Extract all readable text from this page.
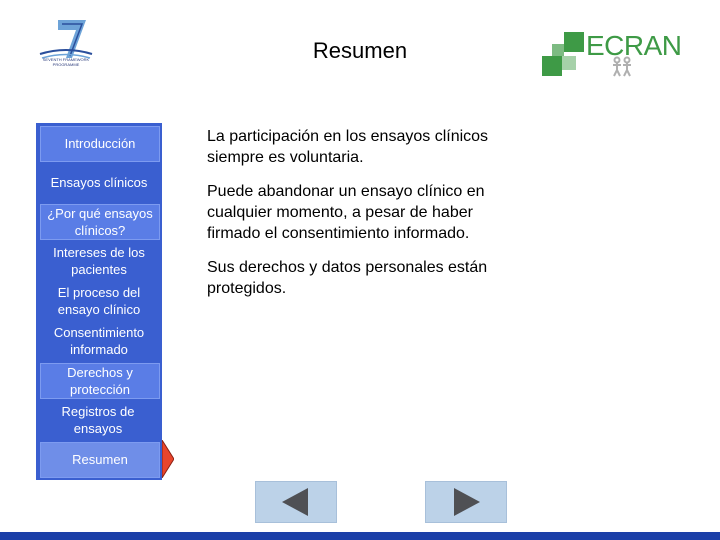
SEVENTH FRAMEWORK PROGRAMME
Resumen	ECRAN
Introducción
Ensayos clínicos
¿Por qué ensayos clínicos?
Intereses de los pacientes
El proceso del ensayo clínico
Consentimiento informado
Derechos y protección
Registros de ensayos
Resumen

La participación en los ensayos clínicos siempre es voluntaria.

Puede abandonar un ensayo clínico en cualquier momento, a pesar de haber firmado el consentimiento informado.

Sus derechos y datos personales están protegidos.
